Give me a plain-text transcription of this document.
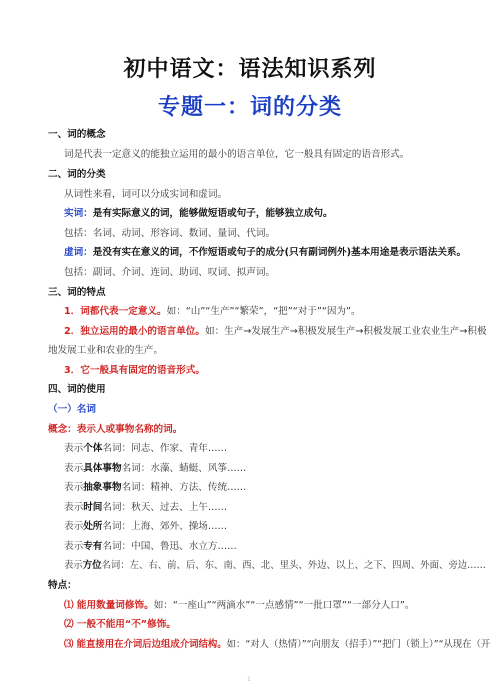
初中语文：语法知识系列
专题一：词的分类
一、词的概念
词是代表一定意义的能独立运用的最小的语言单位，它一般具有固定的语音形式。
二、词的分类
从词性来看，词可以分成实词和虚词。
实词：是有实际意义的词，能够做短语或句子，能够独立成句。
包括：名词、动词、形容词、数词、量词、代词。
虚词：是没有实在意义的词，不作短语或句子的成分(只有副词例外)基本用途是表示语法关系。
包括：副词、介词、连词、助词、叹词、拟声词。
三、词的特点
1．词都代表一定意义。如：“山”“生产”“繁荣”，“把”“对于”“因为”。
2．独立运用的最小的语言单位。如：生产→发展生产→积极发展生产→积极发展工业农业生产→积极
地发展工业和农业的生产。
3．它一般具有固定的语音形式。
四、词的使用
（一）名词
概念：表示人或事物名称的词。
表示个体名词：同志、作家、青年……
表示具体事物名词：水藻、蜻蜓、风筝……
表示抽象事物名词：精神、方法、传统……
表示时间名词：秋天、过去、上午……
表示处所名词：上海、郊外、操场……
表示专有名词：中国、鲁迅、水立方……
表示方位名词：左、右、前、后、东、南、西、北、里头、外边、以上、之下、四周、外面、旁边……
特点：
⑴ 能用数量词修饰。如：“一座山”“两滴水”“一点感情”“一批口罩”“一部分人口”。
⑵ 一般不能用“不”修饰。
⑶ 能直接用在介词后边组成介词结构。如：“对人（热情）”“向朋友（招手）”“把门（锁上）”“从现在（开
1
